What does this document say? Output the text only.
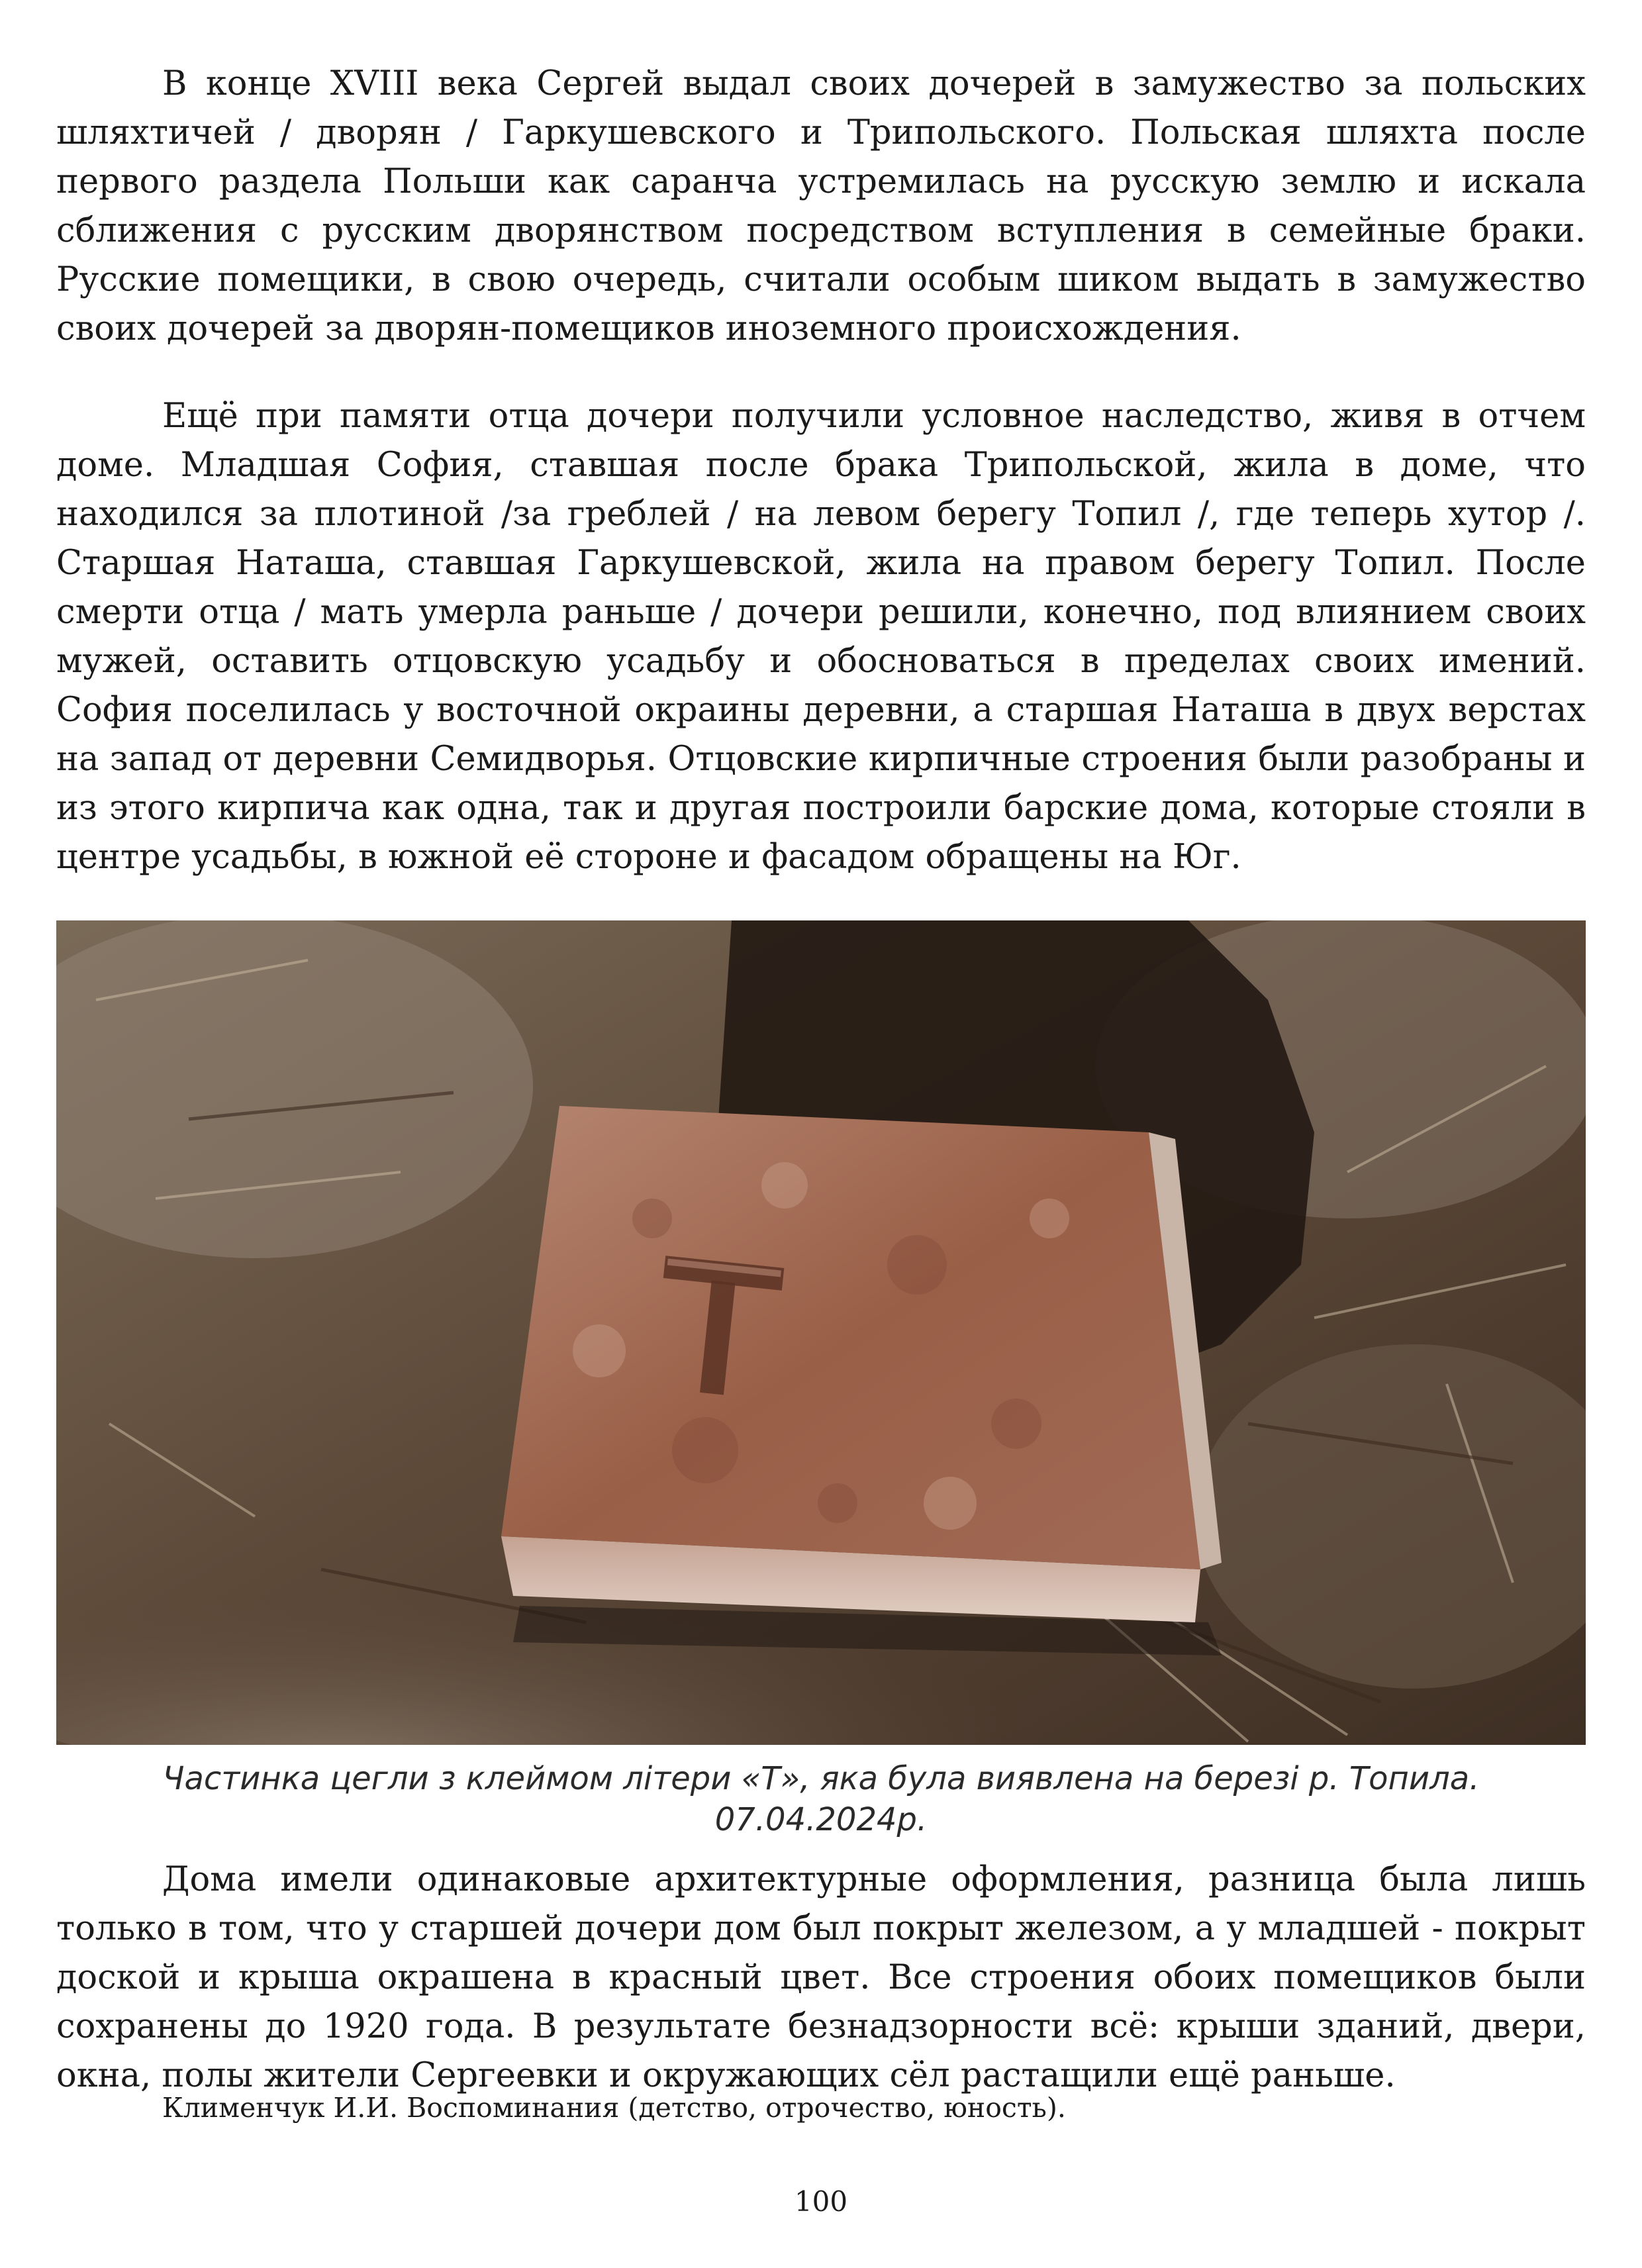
В конце XVIII века Сергей выдал своих дочерей в замужество за польских шляхтичей / дворян / Гаркушевского и Трипольского. Польская шляхта после первого раздела Польши как саранча устремилась на русскую землю и искала сближения с русским дворянством посредством вступления в семейные браки. Русские помещики, в свою очередь, считали особым шиком выдать в замужество своих дочерей за дворян-помещиков иноземного происхождения.

Ещё при памяти отца дочери получили условное наследство, живя в отчем доме. Младшая София, ставшая после брака Трипольской, жила в доме, что находился за плотиной /за греблей / на левом берегу Топил /, где теперь хутор /. Старшая Наташа, ставшая Гаркушевской, жила на правом берегу Топил. После смерти отца / мать умерла раньше / дочери решили, конечно, под влиянием своих мужей, оставить отцовскую усадьбу и обосноваться в пределах своих имений. София поселилась у восточной окраины деревни, а старшая Наташа в двух верстах на запад от деревни Семидворья. Отцовские кирпичные строения были разобраны и из этого кирпича как одна, так и другая построили барские дома, которые стояли в центре усадьбы, в южной её стороне и фасадом обращены на Юг.

Частинка цегли з клеймом літери «Т», яка була виявлена на березі р. Топила.

07.04.2024р.

Дома имели одинаковые архитектурные оформления, разница была лишь только в том, что у старшей дочери дом был покрыт железом, а у младшей - покрыт доской и крыша окрашена в красный цвет. Все строения обоих помещиков были сохранены до 1920 года. В результате безнадзорности всё: крыши зданий, двери, окна, полы жители Сергеевки и окружающих сёл растащили ещё раньше.

Клименчук И.И. Воспоминания (детство, отрочество, юность).

100
